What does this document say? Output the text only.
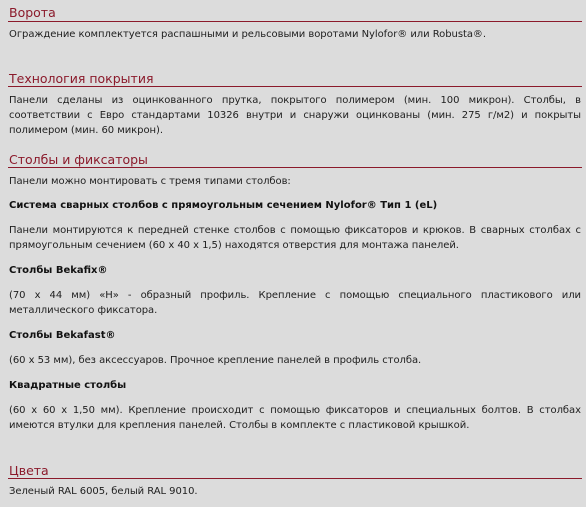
Ворота
Ограждение комплектуется распашными и рельсовыми воротами Nylofor® или Robusta®.
Технология покрытия
Панели сделаны из оцинкованного прутка, покрытого полимером (мин. 100 микрон). Столбы, в соответствии с Евро стандартами 10326 внутри и снаружи оцинкованы (мин. 275 г/м2) и покрыты полимером (мин. 60 микрон).
Столбы и фиксаторы
Панели можно монтировать с тремя типами столбов:
Система сварных столбов с прямоугольным сечением Nylofor® Тип 1 (eL)
Панели монтируются к передней стенке столбов с помощью фиксаторов и крюков. В сварных столбах с прямоугольным сечением (60 х 40 х 1,5) находятся отверстия для монтажа панелей.
Столбы Bekafix®
(70 х 44 мм) «Н» - образный профиль. Крепление с помощью специального пластикового или металлического фиксатора.
Столбы Bekafast®
(60 х 53 мм), без аксессуаров. Прочное крепление панелей в профиль столба.
Квадратные столбы
(60 х 60 х 1,50 мм). Крепление происходит с помощью фиксаторов и специальных болтов. В столбах имеются втулки для крепления панелей. Столбы в комплекте с пластиковой крышкой.
Цвета
Зеленый RAL 6005, белый RAL 9010.
